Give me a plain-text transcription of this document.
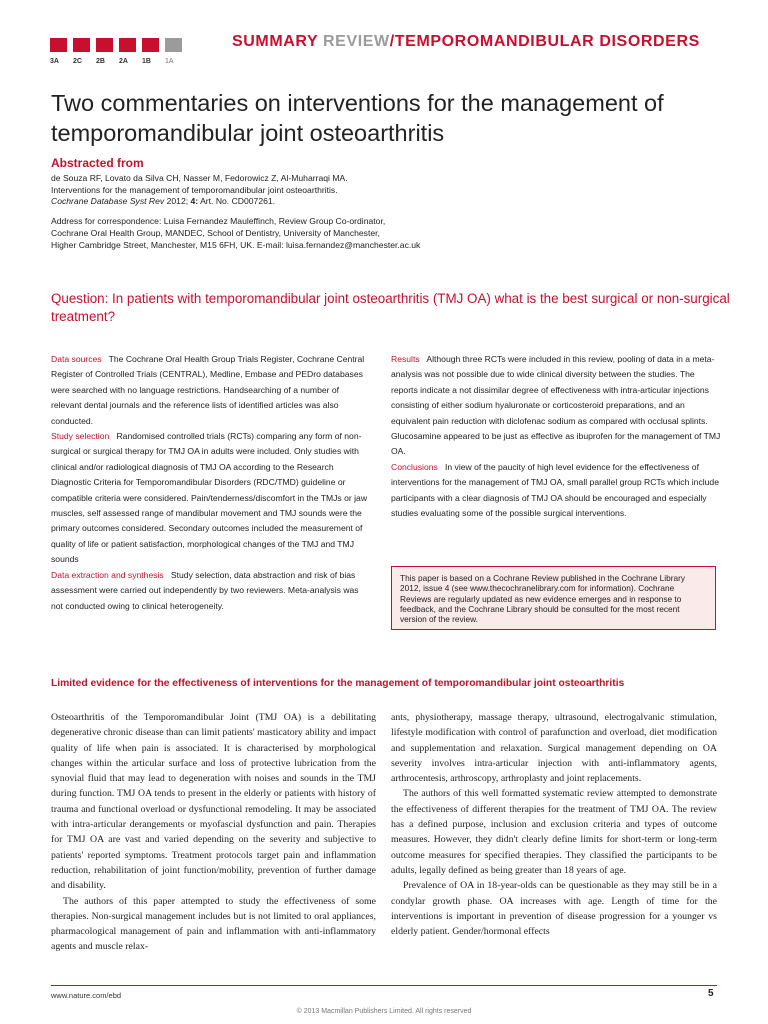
3A 2C 2B 2A 1B 1A
SUMMARY REVIEW/TEMPOROMANDIBULAR DISORDERS
Two commentaries on interventions for the management of temporomandibular joint osteoarthritis
Abstracted from

de Souza RF, Lovato da Silva CH, Nasser M, Fedorowicz Z, Al-Muharraqi MA.

Interventions for the management of temporomandibular joint osteoarthritis.

Cochrane Database Syst Rev 2012; 4: Art. No. CD007261.

Address for correspondence: Luisa Fernandez Mauleffinch, Review Group Co-ordinator,

Cochrane Oral Health Group, MANDEC, School of Dentistry, University of Manchester,

Higher Cambridge Street, Manchester, M15 6FH, UK. E-mail: luisa.fernandez@manchester.ac.uk

Question: In patients with temporomandibular joint osteoarthritis (TMJ OA) what is the best surgical or non-surgical treatment?

Data sources The Cochrane Oral Health Group Trials Register, Cochrane Central Register of Controlled Trials (CENTRAL), Medline, Embase and PEDro databases were searched with no language restrictions. Handsearching of a number of relevant dental journals and the reference lists of identified articles was also conducted.

Study selection Randomised controlled trials (RCTs) comparing any form of non-surgical or surgical therapy for TMJ OA in adults were included. Only studies with clinical and/or radiological diagnosis of TMJ OA according to the Research Diagnostic Criteria for Temporomandibular Disorders (RDC/TMD) guideline or compatible criteria were considered. Pain/tenderness/discomfort in the TMJs or jaw muscles, self assessed range of mandibular movement and TMJ sounds were the primary outcomes considered. Secondary outcomes included the measurement of quality of life or patient satisfaction, morphological changes of the TMJ and TMJ sounds

Data extraction and synthesis Study selection, data abstraction and risk of bias assessment were carried out independently by two reviewers. Meta-analysis was not conducted owing to clinical heterogeneity.

Results Although three RCTs were included in this review, pooling of data in a meta-analysis was not possible due to wide clinical diversity between the studies. The reports indicate a not dissimilar degree of effectiveness with intra-articular injections consisting of either sodium hyaluronate or corticosteroid preparations, and an equivalent pain reduction with diclofenac sodium as compared with occlusal splints. Glucosamine appeared to be just as effective as ibuprofen for the management of TMJ OA.

Conclusions In view of the paucity of high level evidence for the effectiveness of interventions for the management of TMJ OA, small parallel group RCTs which include participants with a clear diagnosis of TMJ OA should be encouraged and especially studies evaluating some of the possible surgical interventions.

This paper is based on a Cochrane Review published in the Cochrane Library 2012, issue 4 (see www.thecochranelibrary.com for information). Cochrane Reviews are regularly updated as new evidence emerges and in response to feedback, and the Cochrane Library should be consulted for the most recent version of the review.
Limited evidence for the effectiveness of interventions for the management of temporomandibular joint osteoarthritis

Osteoarthritis of the Temporomandibular Joint (TMJ OA) is a debilitating degenerative chronic disease than can limit patients' masticatory ability and impact quality of life when pain is associated. It is characterised by morphological changes within the articular surface and loss of protective lubrication from the synovial fluid that may lead to degeneration with noises and sounds in the TMJ during function. TMJ OA tends to present in the elderly or patients with history of trauma and functional overload or dysfunctional remodeling. It may be associated with intra-articular derangements or myofascial dysfunction and pain. Therapies for TMJ OA are vast and varied depending on the severity and subjective to patients' reported symptoms. Treatment protocols target pain and inflammation reduction, rehabilitation of joint function/mobility, prevention of further damage and disability.

The authors of this paper attempted to study the effectiveness of some therapies. Non-surgical management includes but is not limited to oral appliances, pharmacological management of pain and inflammation with anti-inflammatory agents and muscle relax-

ants, physiotherapy, massage therapy, ultrasound, electrogalvanic stimulation, lifestyle modification with control of parafunction and overload, diet modification and supplementation and relaxation. Surgical management depending on OA severity involves intra-articular injection with anti-inflammatory agents, arthrocentesis, arthroscopy, arthroplasty and joint replacements.

The authors of this well formatted systematic review attempted to demonstrate the effectiveness of different therapies for the treatment of TMJ OA. The review has a defined purpose, inclusion and exclusion criteria and types of outcome measures. However, they didn't clearly define limits for short-term or long-term outcome measures for specified therapies. They classified the participants to be adults, legally defined as being greater than 18 years of age.

Prevalence of OA in 18-year-olds can be questionable as they may still be in a condylar growth phase. OA increases with age. Length of time for the interventions is important in prevention of disease progression for a younger vs elderly patient. Gender/hormonal effects

www.nature.com/ebd	5
© 2013 Macmillan Publishers Limited. All rights reserved
